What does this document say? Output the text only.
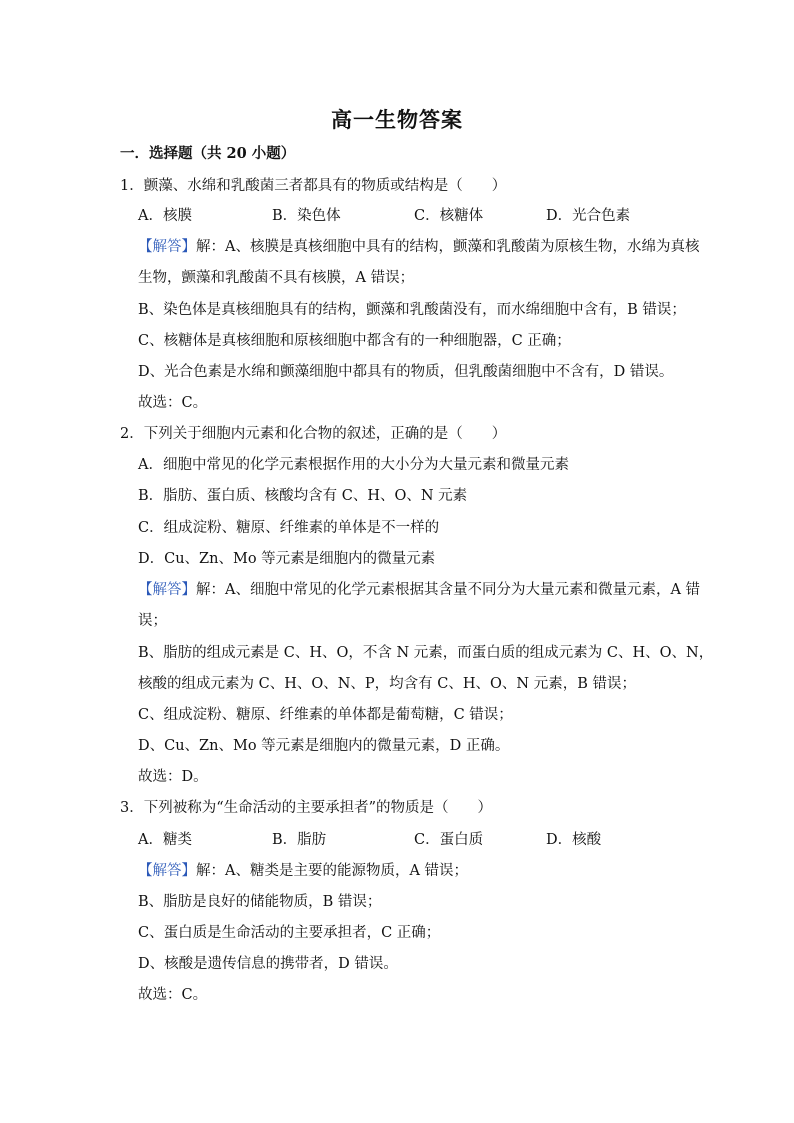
高一生物答案
一．选择题（共 20 小题）
1．颤藻、水绵和乳酸菌三者都具有的物质或结构是（　　）
A．核膜	B．染色体	C．核糖体	D．光合色素
【解答】解：A、核膜是真核细胞中具有的结构，颤藻和乳酸菌为原核生物，水绵为真核
生物，颤藻和乳酸菌不具有核膜，A 错误；
B、染色体是真核细胞具有的结构，颤藻和乳酸菌没有，而水绵细胞中含有，B 错误；
C、核糖体是真核细胞和原核细胞中都含有的一种细胞器，C 正确；
D、光合色素是水绵和颤藻细胞中都具有的物质，但乳酸菌细胞中不含有，D 错误。
故选：C。
2．下列关于细胞内元素和化合物的叙述，正确的是（　　）
A．细胞中常见的化学元素根据作用的大小分为大量元素和微量元素
B．脂肪、蛋白质、核酸均含有 C、H、O、N 元素
C．组成淀粉、糖原、纤维素的单体是不一样的
D．Cu、Zn、Mo 等元素是细胞内的微量元素
【解答】解：A、细胞中常见的化学元素根据其含量不同分为大量元素和微量元素，A 错
误；
B、脂肪的组成元素是 C、H、O，不含 N 元素，而蛋白质的组成元素为 C、H、O、N，
核酸的组成元素为 C、H、O、N、P，均含有 C、H、O、N 元素，B 错误；
C、组成淀粉、糖原、纤维素的单体都是葡萄糖，C 错误；
D、Cu、Zn、Mo 等元素是细胞内的微量元素，D 正确。
故选：D。
3．下列被称为“生命活动的主要承担者”的物质是（　　）
A．糖类	B．脂肪	C．蛋白质	D．核酸
【解答】解：A、糖类是主要的能源物质，A 错误；
B、脂肪是良好的储能物质，B 错误；
C、蛋白质是生命活动的主要承担者，C 正确；
D、核酸是遗传信息的携带者，D 错误。
故选：C。
